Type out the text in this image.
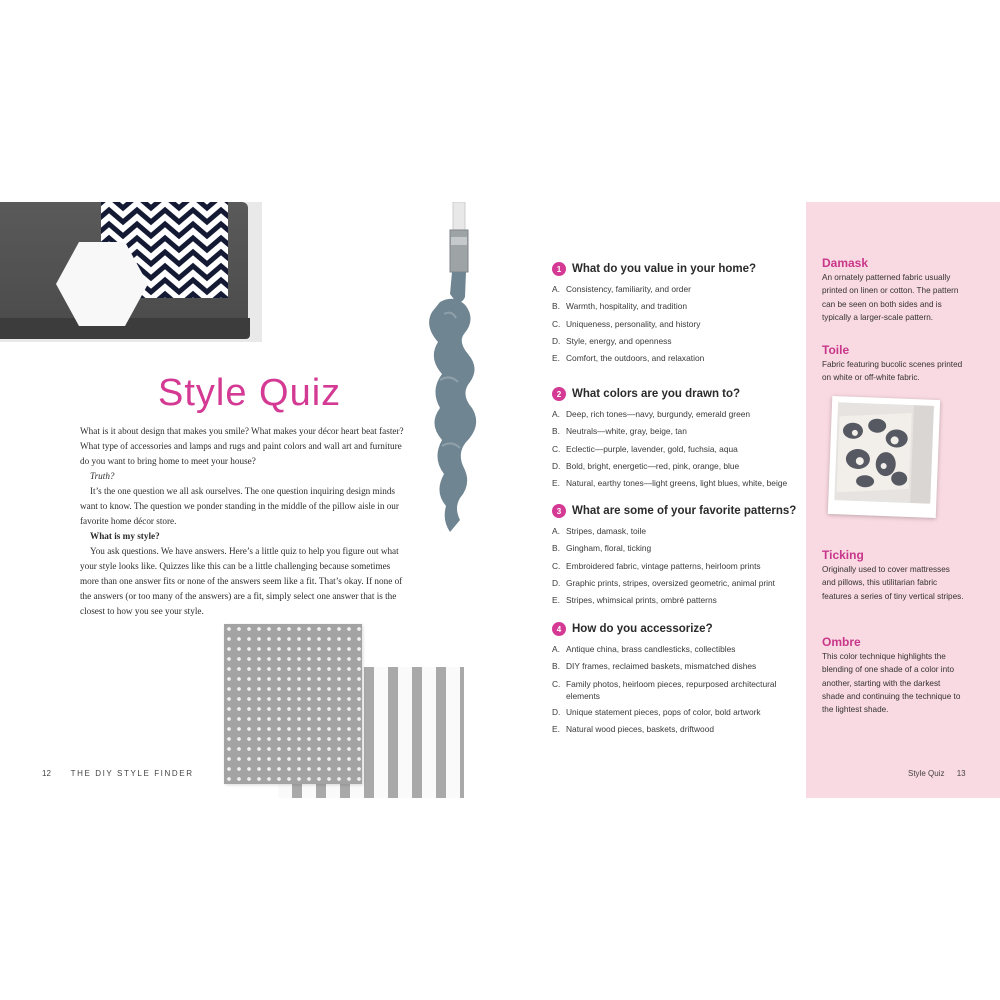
Style Quiz

What is it about design that makes you smile? What makes your décor heart beat faster? What type of accessories and lamps and rugs and paint colors and wall art and furniture do you want to bring home to meet your house?

Truth?

It’s the one question we all ask ourselves. The one question inquiring design minds want to know. The question we ponder standing in the middle of the pillow aisle in our favorite home décor store.

What is my style?

You ask questions. We have answers. Here’s a little quiz to help you figure out what your style looks like. Quizzes like this can be a little challenging because sometimes more than one answer fits or none of the answers seem like a fit. That’s okay. If none of the answers (or too many of the answers) are a fit, simply select one answer that is the closest to how you see your style.

12 THE DIY STYLE FINDER
1 What do you value in your home?
A. Consistency, familiarity, and order
B. Warmth, hospitality, and tradition
C. Uniqueness, personality, and history
D. Style, energy, and openness
E. Comfort, the outdoors, and relaxation
2 What colors are you drawn to?
A. Deep, rich tones—navy, burgundy, emerald green
B. Neutrals—white, gray, beige, tan
C. Eclectic—purple, lavender, gold, fuchsia, aqua
D. Bold, bright, energetic—red, pink, orange, blue
E. Natural, earthy tones—light greens, light blues, white, beige
3 What are some of your favorite patterns?
A. Stripes, damask, toile
B. Gingham, floral, ticking
C. Embroidered fabric, vintage patterns, heirloom prints
D. Graphic prints, stripes, oversized geometric, animal print
E. Stripes, whimsical prints, ombré patterns
4 How do you accessorize?
A. Antique china, brass candlesticks, collectibles
B. DIY frames, reclaimed baskets, mismatched dishes
C. Family photos, heirloom pieces, repurposed architectural elements
D. Unique statement pieces, pops of color, bold artwork
E. Natural wood pieces, baskets, driftwood
Damask
An ornately patterned fabric usually printed on linen or cotton. The pattern can be seen on both sides and is typically a larger-scale pattern.
Toile
Fabric featuring bucolic scenes printed on white or off-white fabric.
Ticking
Originally used to cover mattresses and pillows, this utilitarian fabric features a series of tiny vertical stripes.
Ombre
This color technique highlights the blending of one shade of a color into another, starting with the darkest shade and continuing the technique to the lightest shade.
Style Quiz 13
